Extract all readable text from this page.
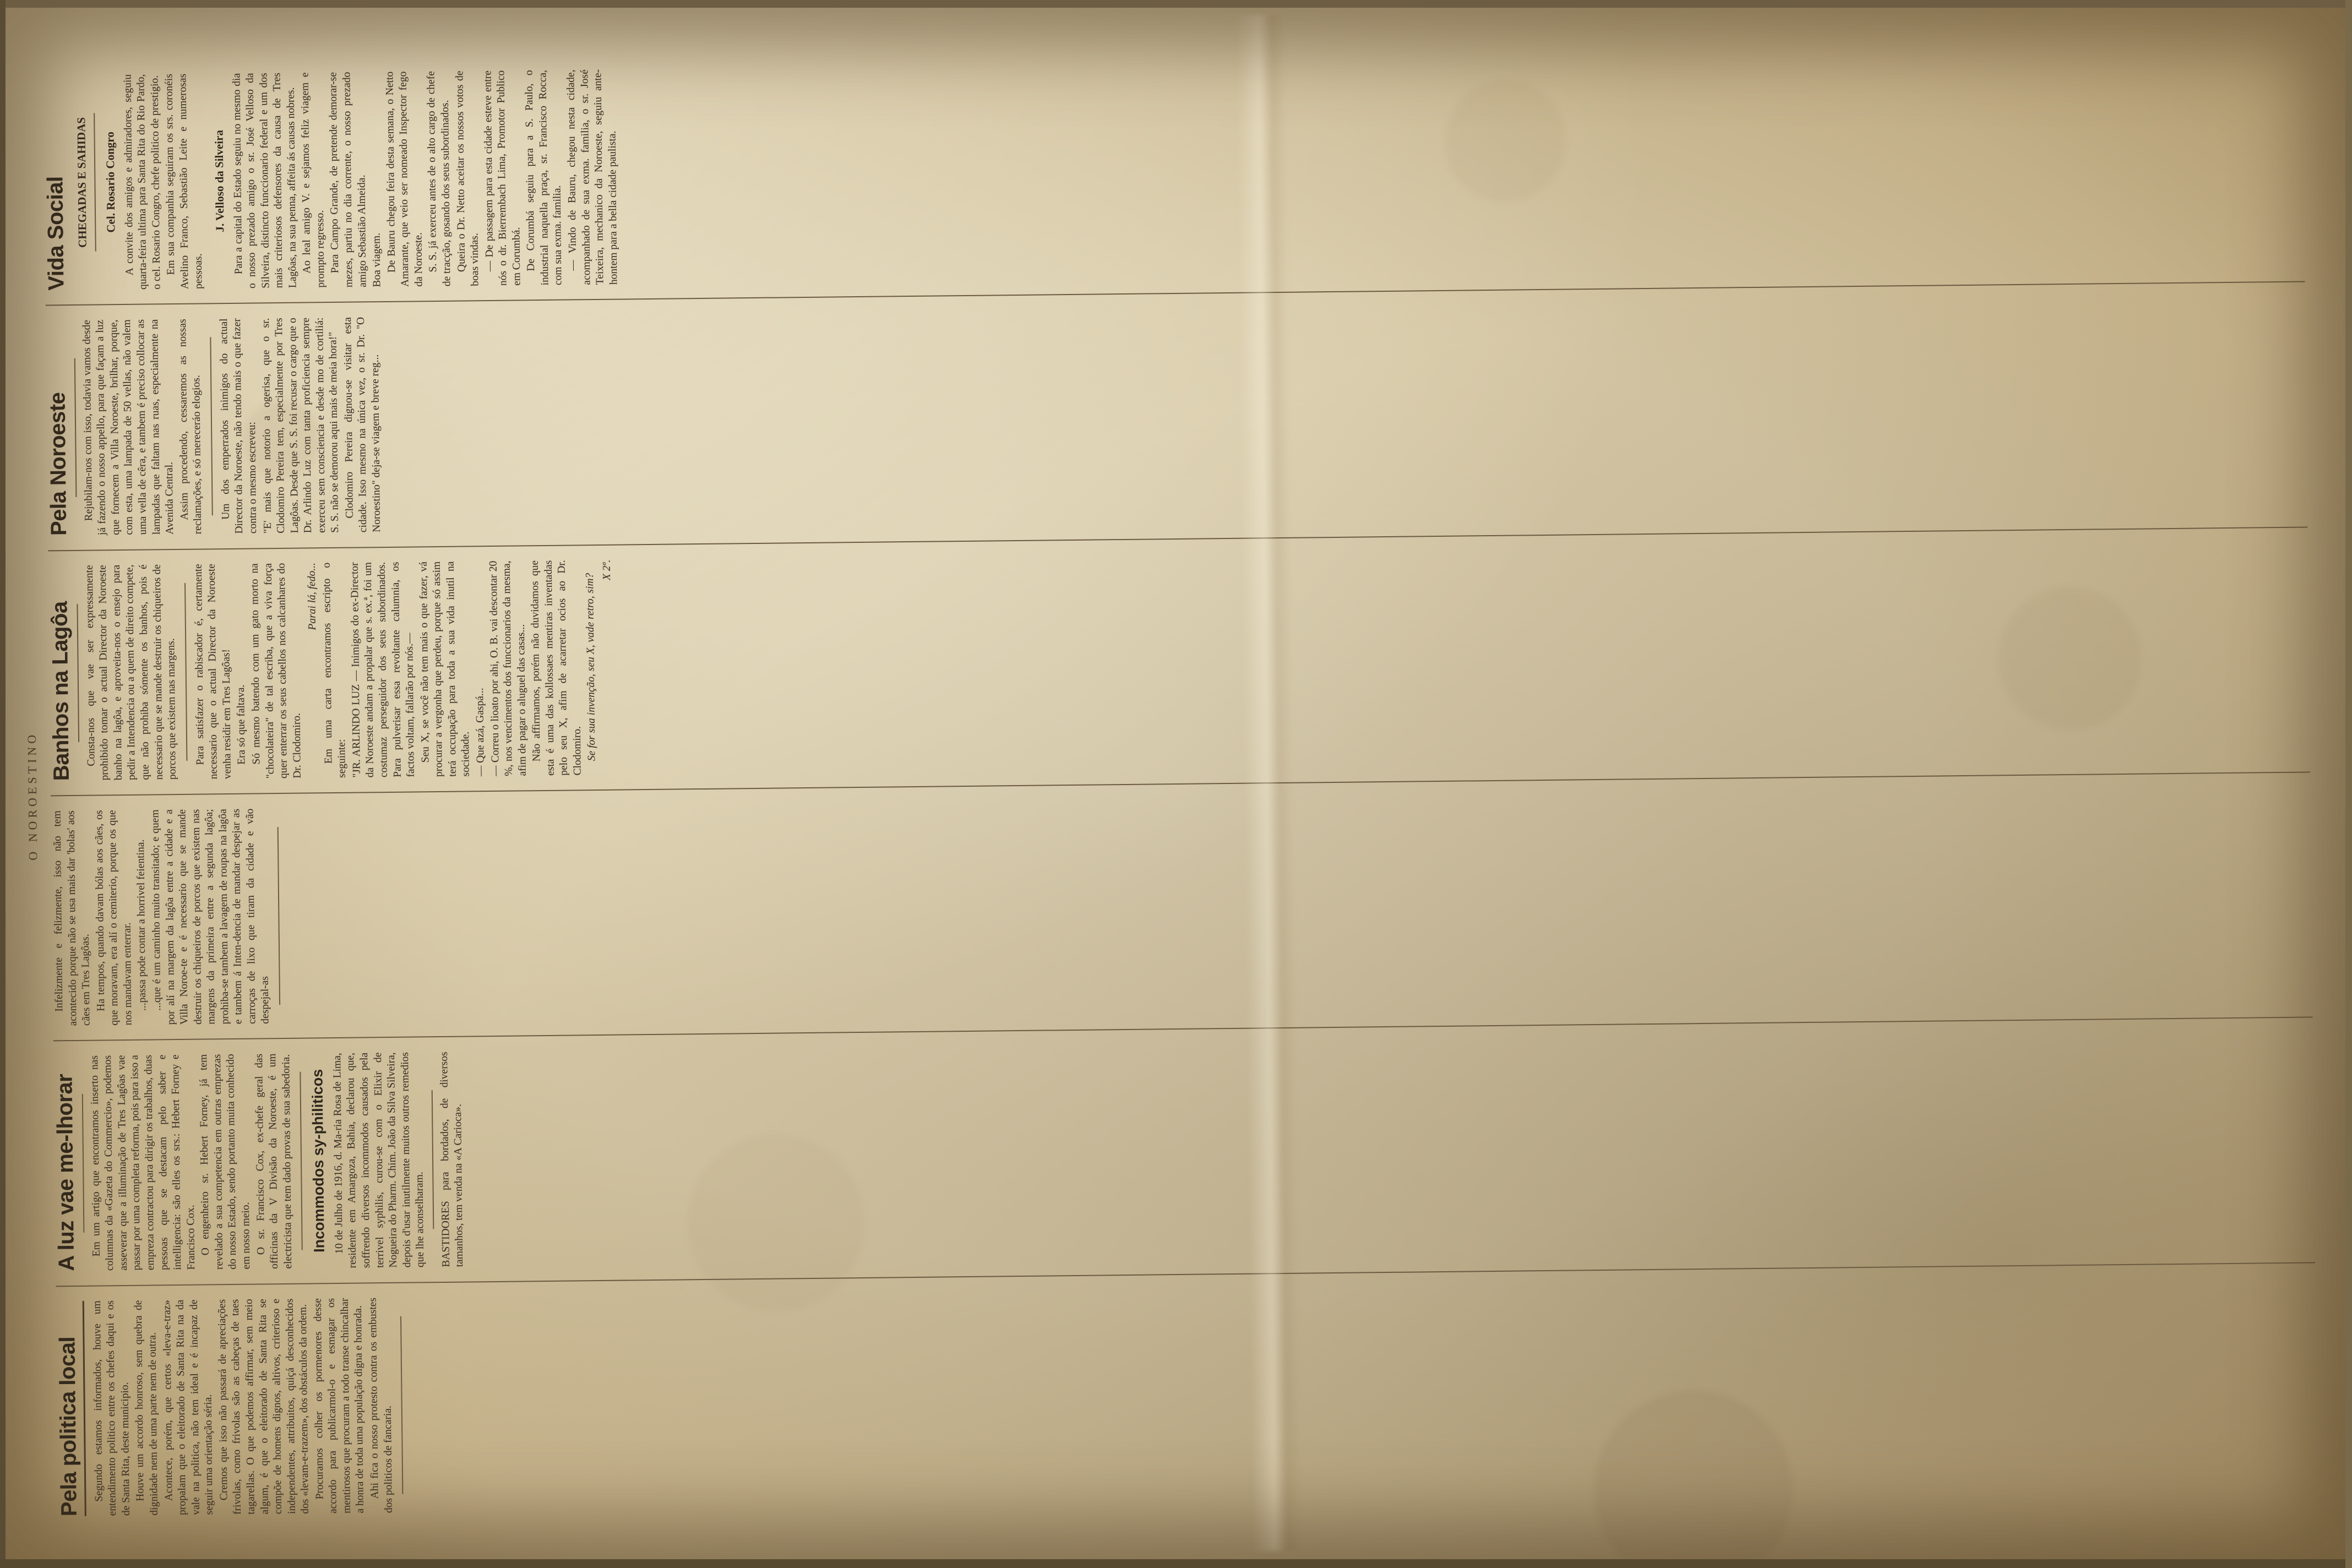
O NOROESTINO
Pela politica local Segundo estamos informados, houve um entendimento politico entre os chefes daqui e os de Santa Rita, deste municipio. Houve um accordo honroso, sem quebra de dignidade nem de uma parte nem de outra. Acontece, porém, que certos «leva-e-traz» propalam que o eleitorado de Santa Rita na da vale na politica, não tem ideal e é incapaz de seguir uma orientação séria. Cremos que isso não passará de apreciações frivolas, como frivolas são as cabeças de taes tagarellas. O que podemos affirmar, sem meio algum, é que o eleitorado de Santa Rita se compõe de homens dignos, altivos, criterioso e independentes, attribuitos, quiçá desconhecidos dos «levam-e-trazem», dos obstáculos da ordem. Procuramos colher os pormenores desse accordo para publicarmol-o e esmagar os mentirosos que procuram a todo transe chincalhar a honra de toda uma população digna e honrada. Ahi fica o nosso protesto contra os embustes dos politicos de fancaria.

A luz vae me-lhorar Em um artigo que encontramos inserto nas columnas da «Gazeta do Commercio», podemos asseverar que a illuminação de Tres Lagôas vae passar por uma completa reforma, pois para isso a empreza contractou para dirigir os trabalhos, duas pessoas que se destacam pelo saber e intelligencia: são elles os srs.: Hebert Forney e Francisco Cox. O engenheiro sr. Hebert Forney, já tem revelado a sua competencia em outras emprezas do nosso Estado, sendo portanto muita conhecido em nosso meio. O sr. Francisco Cox, ex-chefe geral das officinas da V Divisão da Noroeste, é um electricista que tem dado provas de sua sabedoria. Incommodos sy-philiticos 10 de Julho de 1916, d. Ma-ria Rosa de Lima, residente em Amargoza, Bahia, declarou que, soffrendo diversos incommodos causados pela terrivel syphilis, curou-se com o Elixir de Nogueira do Pharm. Chim. João da Silva Silveira, depois d'usar inutilmente muitos outros remedios que lhe aconselharam. BASTIDORES para bordados, de diversos tamanhos, tem venda na «A Carioca».

Infelizmente e felizmente, isso não tem acontecido porque não se usa mais dar 'bolas' aos cães em Tres Lagôas. Ha tempos, quando davam bólas aos cães, os que moravam, era alí o cemiterio, porque os que nos mandavam enterrar. ...passa pode contar a horrivel feientina. ...que é um caminho muito transitado; e quem por alí na margem da lagôa entre a cidade e a Villa Noroe-te e é necessario que se mande destruir os chiqueiros de porcos que existem nas margens da primeira entre a segunda lagôa; prohiba-se tambem a lavagem de roupas na lagôa e tambem á Inten-dencia de mandar despejar as carroças de lixo que tiram da cidade e vão despejal-as

Banhos na Lagôa Consta-nos que vae ser expressamente prohibido tomar o actual Director da Noroeste banho na lagôa, e aproveita-nos o ensejo para pedir a Intendencia ou a quem de direito compete, que não prohiba sómente os banhos, pois é necessario que se mande destruir os chiqueiros de porcos que existem nas margens. Para satisfazer o rabiscador é, certamente necessario que o actual Director da Noroeste venha residir em Tres Lagôas! Era só que faltava. Só mesmo batendo com um gato morto na "chocolateira" de tal escriba, que a viva força quer enterrar os seus cabellos nos calcanhares do Dr. Clodomiro.

Parai lá, fedo... Em uma carta encontramos escripto o seguinte: "JR. ARLINDO LUZ — Inimigos do ex-Director da Noroeste andam a propalar que s. ex.ª, foi um costumaz perseguidor dos seus subordinados. Para pulverisar essa revoltante calumnia, os factos voltam, fallarão por nós.— Seu X, se você não tem mais o que fazer, vá procurar a vergonha que perdeu, porque só assim terá occupação para toda a sua vida inutil na sociedade. — Que azá, Gaspá... — Correu o lioato por ahi, O. B. vai descontar 20 %, nos vencimentos dos funccionarios da mesma, afim de pagar o aluguel das casas... Não affirmamos, porém não duvidamos que esta é uma das kollossaes mentiras inventadas pelo seu X, afim de acarretar ocios ao Dr. Clodomiro. Se for sua invenção, seu X, vade retro, sim?

X 2º.

Pela Noroeste Rejubilam-nos com isso, todavia vamos desde já fazendo o nosso appello, para que façam a luz que fornecem a Villa Noroeste, brilhar, porque, com esta, uma lampada de 50 vellas, não valem uma vella de cêra, e tambem é preciso collocar as lampadas que faltam nas ruas, especialmente na Avenida Central. Assim procedendo, cessaremos as nossas reclamações, e só mereceráo elogios. Um dos emperrados inimigos do actual Director da Noroeste, não tendo mais o que fazer contra o mesmo escreveu: "E' mais que notorio a ogerisa, que o sr. Clodomiro Pereira tem, especialmente por Tres Lagôas. Desde que S. S. foi recusar o cargo que o Dr. Arlindo Luz com tanta proficiencia sempre exerceu sem consciencia e desde mo de cortiliá: S. S. não se demorou aqui mais de meia hora!" Clodomiro Pereira dignou-se visitar esta cidade. Isso mesmo na única vez, o sr. Dr. "O Noroestino" deja-se viagem e breve reg...

Vida Social CHEGADAS E SAHIDAS Cel. Rosario Congro A convite dos amigos e admiradores, seguiu quarta-feira ultima para Santa Rita do Rio Pardo, o cel. Rosario Congro, chefe politico de prestigio. Em sua companhia seguiram os srs. coronéis Avelino Franco, Sebastião Leite e numerosas pessoas.

J. Velloso da Silveira Para a capital do Estado seguiu no mesmo dia o nosso prezado amigo o sr. José Velloso da Silveira, distincto funccionario federal e um dos mais criteriosos defensores da causa de Tres Lagôas, na sua penna, affeita ás causas nobres. Ao leal amigo V. e sejamos feliz viagem e prompto regresso. Para Campo Grande, de pretende demorar-se mezes, partiu no dia corrente, o nosso prezado amigo Sebastião Almeida. Boa viagem. De Bauru chegou feira desta semana, o Netto Amarante, que veio ser nomeado Inspector fego da Noroeste. S. S. já exerceu antes de o alto cargo de chefe de tracção, gosando dos seus subordinados. Queira o Dr. Netto aceitar os nossos votos de boas vindas. — De passagem para esta cidade esteve entre nós o dr. Bierrembach Lima, Promotor Publico em Corumbá. De Corumbá seguiu para a S. Paulo, o industrial naquella praça, sr. Francisco Rocca, com sua exma. familia. — Vindo de Bauru, chegou nesta cidade, acompanhado de sua exma. familia, o sr. José Teixeira, mechanico da Noroeste, seguiu ante-hontem para a bella cidade paulista.
